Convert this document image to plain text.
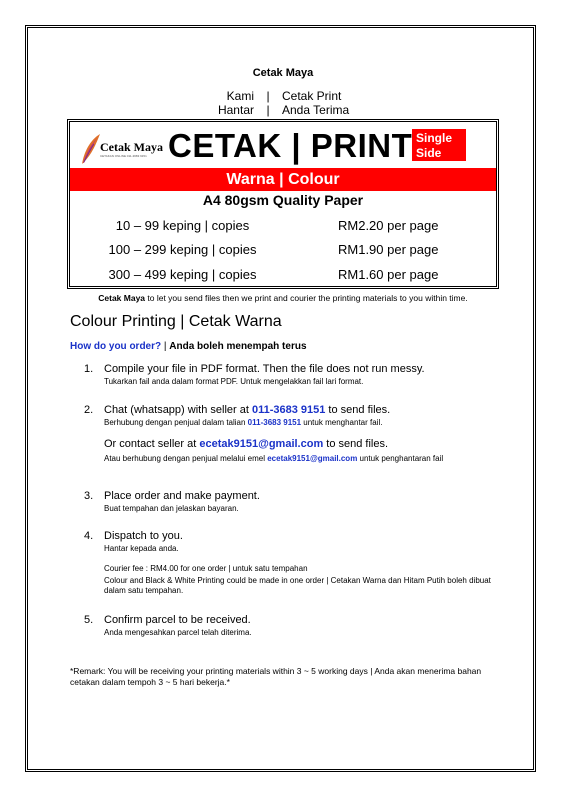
Cetak Maya
Kami	|	Cetak Print
Hantar	|	Anda Terima
Cetak Maya
CETAKAN ONLINE 011-3683 9151 CETAK | PRINT Single
Side
Warna | Colour
A4 80gsm Quality Paper
10 – 99 keping | copies	RM2.20 per page
100 – 299 keping | copies	RM1.90 per page
300 – 499 keping | copies	RM1.60 per page
Cetak Maya to let you send files then we print and courier the printing materials to you within time.
Colour Printing | Cetak Warna
How do you order? | Anda boleh menempah terus
1. Compile your file in PDF format. Then the file does not run messy.
Tukarkan fail anda dalam format PDF. Untuk mengelakkan fail lari format.
2. Chat (whatsapp) with seller at 011-3683 9151 to send files.
Berhubung dengan penjual dalam talian 011-3683 9151 untuk menghantar fail.
Or contact seller at ecetak9151@gmail.com to send files.
Atau berhubung dengan penjual melalui emel ecetak9151@gmail.com untuk penghantaran fail
3. Place order and make payment.
Buat tempahan dan jelaskan bayaran.
4. Dispatch to you.
Hantar kepada anda.
Courier fee : RM4.00 for one order | untuk satu tempahan
Colour and Black & White Printing could be made in one order | Cetakan Warna dan Hitam Putih boleh dibuat dalam satu tempahan.
5. Confirm parcel to be received.
Anda mengesahkan parcel telah diterima.
*Remark: You will be receiving your printing materials within 3 ~ 5 working days | Anda akan menerima bahan cetakan dalam tempoh 3 ~ 5 hari bekerja.*
